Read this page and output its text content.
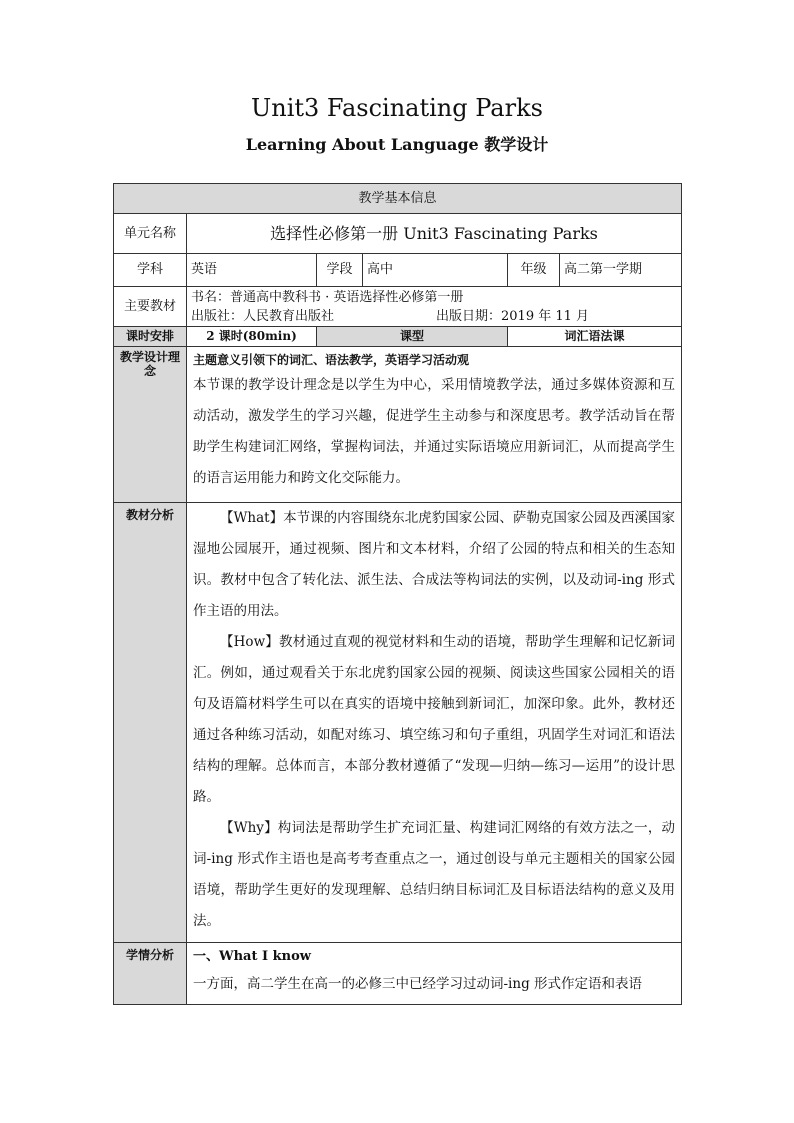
Unit3 Fascinating Parks
Learning About Language 教学设计
教学基本信息					
单元名称	选择性必修第一册 Unit3 Fascinating Parks				
学科	英语	学段	高中	年级	高二第一学期
主要教材	书名：普通高中教科书 · 英语选择性必修第一册
出版社：人民教育出版社 出版日期：2019 年 11 月				

课时安排	2 课时(80min)	课型		词汇语法课	
教学设计理念	主题意义引领下的词汇、语法教学，英语学习活动观

本节课的教学设计理念是以学生为中心，采用情境教学法，通过多媒体资源和互动活动，激发学生的学习兴趣，促进学生主动参与和深度思考。教学活动旨在帮助学生构建词汇网络，掌握构词法，并通过实际语境应用新词汇，从而提高学生的语言运用能力和跨文化交际能力。				

教材分析	【What】本节课的内容围绕东北虎豹国家公园、萨勒克国家公园及西溪国家湿地公园展开，通过视频、图片和文本材料，介绍了公园的特点和相关的生态知识。教材中包含了转化法、派生法、合成法等构词法的实例，以及动词-ing 形式作主语的用法。

【How】教材通过直观的视觉材料和生动的语境，帮助学生理解和记忆新词汇。例如，通过观看关于东北虎豹国家公园的视频、阅读这些国家公园相关的语句及语篇材料学生可以在真实的语境中接触到新词汇，加深印象。此外，教材还通过各种练习活动，如配对练习、填空练习和句子重组，巩固学生对词汇和语法结构的理解。总体而言，本部分教材遵循了“发现—归纳—练习—运用”的设计思路。

【Why】构词法是帮助学生扩充词汇量、构建词汇网络的有效方法之一，动词-ing 形式作主语也是高考考查重点之一，通过创设与单元主题相关的国家公园语境，帮助学生更好的发现理解、总结归纳目标词汇及目标语法结构的意义及用法。				

学情分析	一、What I know

一方面，高二学生在高一的必修三中已经学习过动词-ing 形式作定语和表语				
